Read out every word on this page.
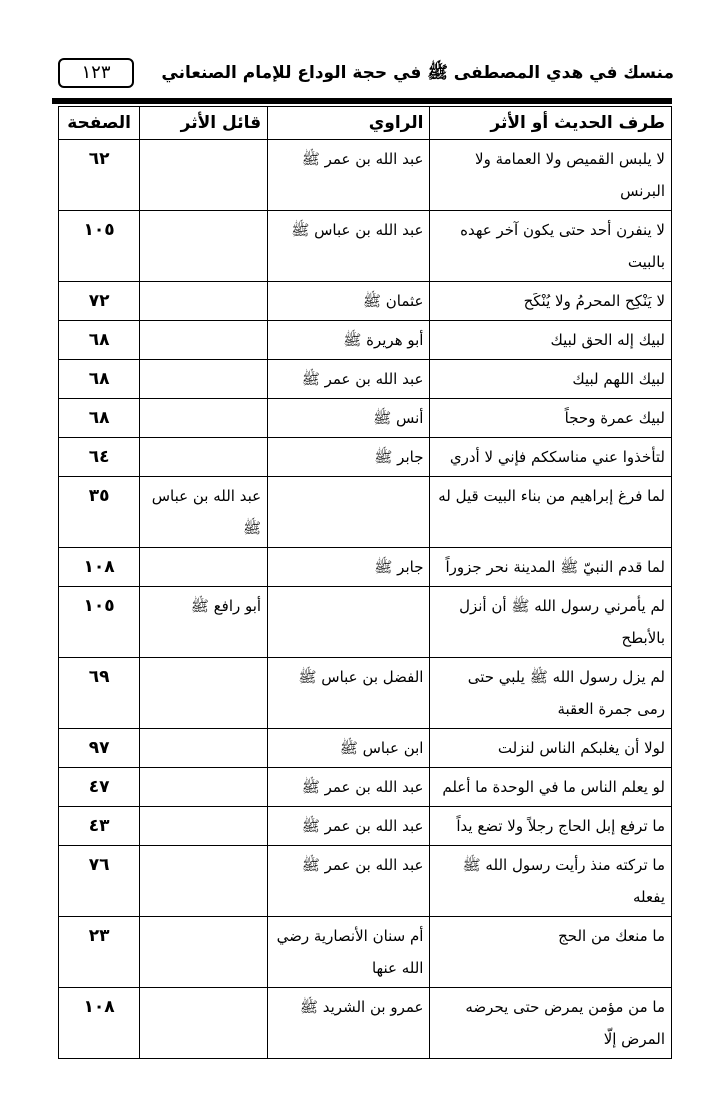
منسك في هدي المصطفى ﷺ في حجة الوداع للإمام الصنعاني
١٢٣
طرف الحديث أو الأثر	الراوي	قائل الأثر	الصفحة
لا يلبس القميص ولا العمامة ولا البرنس	عبد الله بن عمر ﷺ		٦٢
لا ينفرن أحد حتى يكون آخر عهده بالبيت	عبد الله بن عباس ﷺ		١٠٥
لا يَنْكِح المحرمُ ولا يُنْكَح	عثمان ﷺ		٧٢
لبيك إله الحق لبيك	أبو هريرة ﷺ		٦٨
لبيك اللهم لبيك	عبد الله بن عمر ﷺ		٦٨
لبيك عمرة وحجاً	أنس ﷺ		٦٨
لتأخذوا عني مناسككم فإني لا أدري	جابر ﷺ		٦٤
لما فرغ إبراهيم من بناء البيت قيل له		عبد الله بن عباس ﷺ	٣٥
لما قدم النبيّ ﷺ المدينة نحر جزوراً	جابر ﷺ		١٠٨
لم يأمرني رسول الله ﷺ أن أنزل بالأبطح		أبو رافع ﷺ	١٠٥
لم يزل رسول الله ﷺ يلبي حتى رمى جمرة العقبة	الفضل بن عباس ﷺ		٦٩
لولا أن يغلبكم الناس لنزلت	ابن عباس ﷺ		٩٧
لو يعلم الناس ما في الوحدة ما أعلم	عبد الله بن عمر ﷺ		٤٧
ما ترفع إبل الحاج رجلاً ولا تضع يداً	عبد الله بن عمر ﷺ		٤٣
ما تركته منذ رأيت رسول الله ﷺ يفعله	عبد الله بن عمر ﷺ		٧٦
ما منعك من الحج	أم سنان الأنصارية رضي الله عنها		٢٣
ما من مؤمن يمرض حتى يحرضه المرض إلّا	عمرو بن الشريد ﷺ		١٠٨
